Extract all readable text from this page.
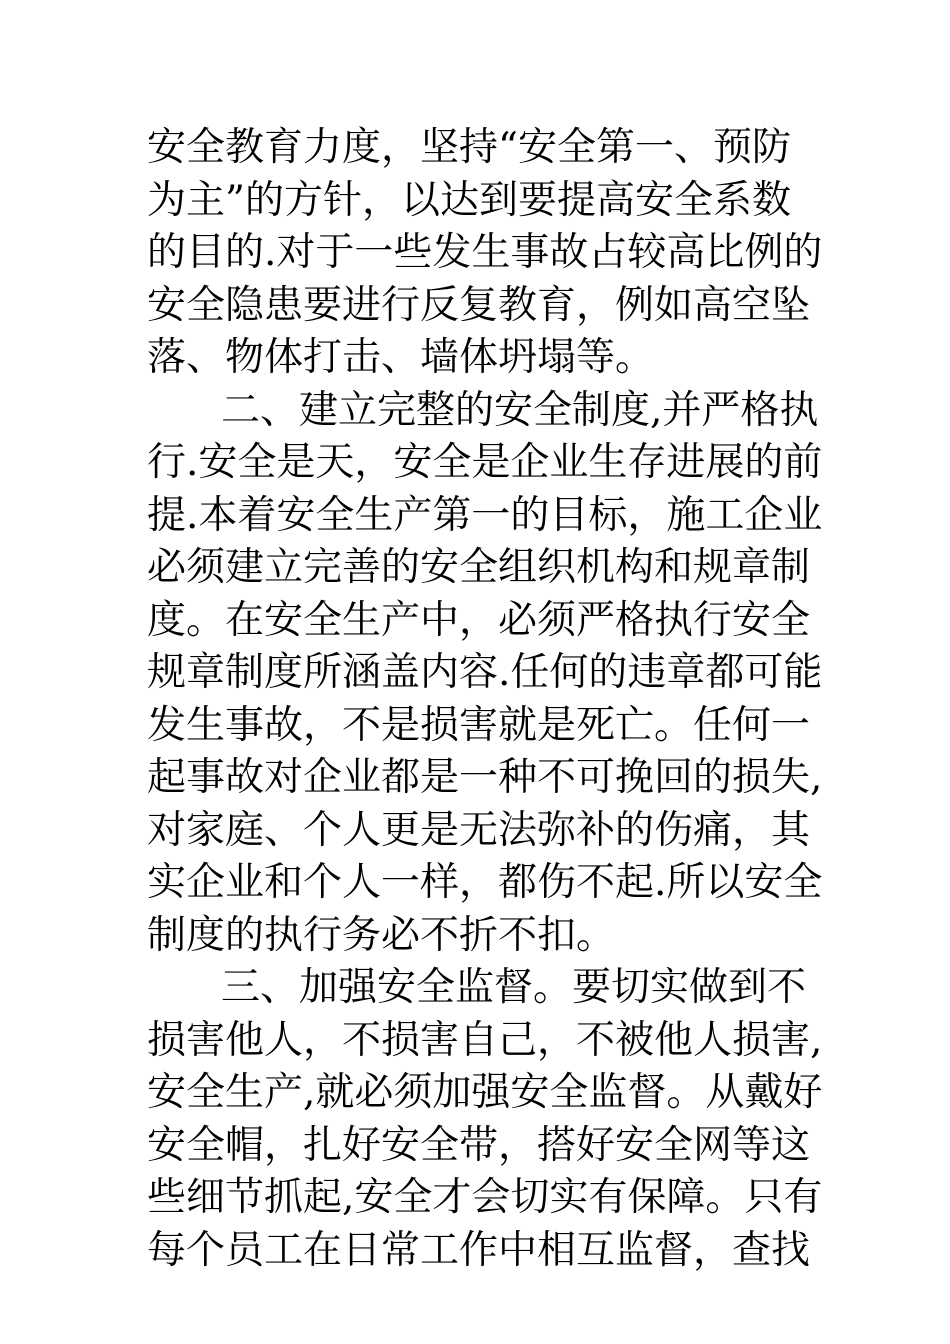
安全教育力度，坚持“安全第一、预防
为主”的方针，以达到要提高安全系数
的目的.对于一些发生事故占较高比例的
安全隐患要进行反复教育，例如高空坠
落、物体打击、墙体坍塌等。
二、建立完整的安全制度,并严格执
行.安全是天，安全是企业生存进展的前
提.本着安全生产第一的目标，施工企业
必须建立完善的安全组织机构和规章制
度。在安全生产中，必须严格执行安全
规章制度所涵盖内容.任何的违章都可能
发生事故，不是损害就是死亡。任何一
起事故对企业都是一种不可挽回的损失,
对家庭、个人更是无法弥补的伤痛，其
实企业和个人一样，都伤不起.所以安全
制度的执行务必不折不扣。
三、加强安全监督。要切实做到不
损害他人，不损害自己，不被他人损害,
安全生产,就必须加强安全监督。从戴好
安全帽，扎好安全带，搭好安全网等这
些细节抓起,安全才会切实有保障。只有
每个员工在日常工作中相互监督，查找
